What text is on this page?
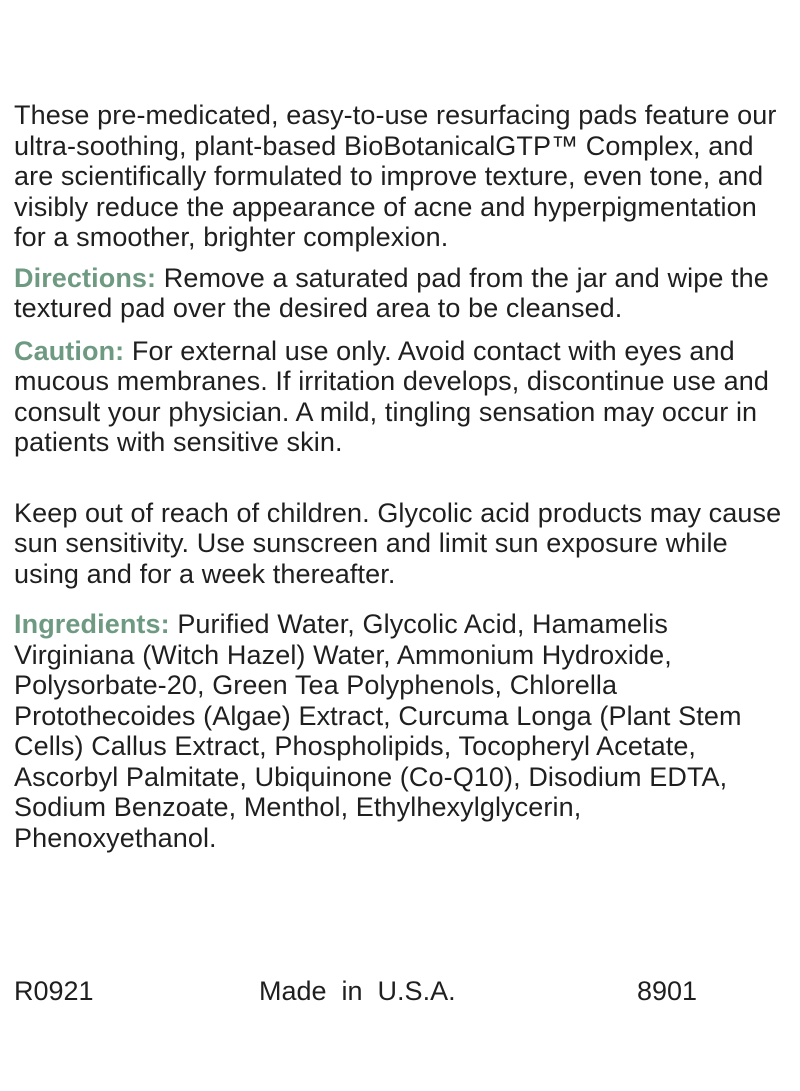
These pre-medicated, easy-to-use resurfacing pads feature our ultra-soothing, plant-based BioBotanicalGTP™ Complex, and are scientifically formulated to improve texture, even tone, and visibly reduce the appearance of acne and hyperpigmentation for a smoother, brighter complexion.

Directions: Remove a saturated pad from the jar and wipe the textured pad over the desired area to be cleansed.

Caution: For external use only. Avoid contact with eyes and mucous membranes. If irritation develops, discontinue use and consult your physician. A mild, tingling sensation may occur in patients with sensitive skin.

Keep out of reach of children. Glycolic acid products may cause sun sensitivity. Use sunscreen and limit sun exposure while using and for a week thereafter.

Ingredients: Purified Water, Glycolic Acid, Hamamelis Virginiana (Witch Hazel) Water, Ammonium Hydroxide, Polysorbate-20, Green Tea Polyphenols, Chlorella Protothecoides (Algae) Extract, Curcuma Longa (Plant Stem Cells) Callus Extract, Phospholipids, Tocopheryl Acetate, Ascorbyl Palmitate, Ubiquinone (Co-Q10), Disodium EDTA, Sodium Benzoate, Menthol, Ethylhexylglycerin, Phenoxyethanol.

R0921	Made  in  U.S.A.	8901
